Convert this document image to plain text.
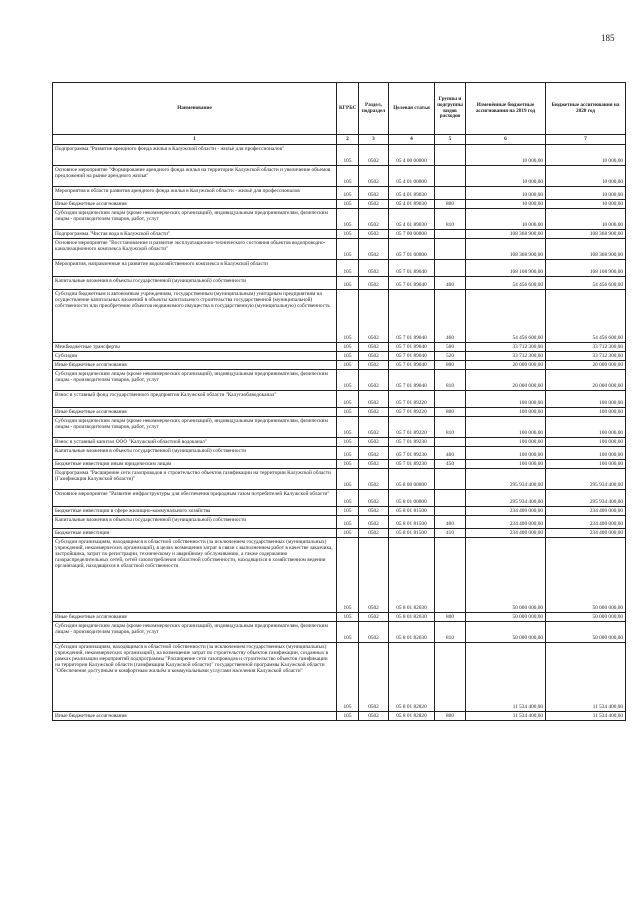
185
Наименование	КГРБС	Раздел, подраздел	Целевая статья	Группы и подгруппы видов расходов	Изменённые бюджетные ассигнования на 2019 год	Бюджетные ассигнования на 2020 год
1	2	3	4	5	6	7
Подпрограмма "Развитие арендного фонда жилья в Калужской области - жильё для профессионалов"	105	0502	05 4 00 00000		10 000,00	10 000,00
Основное мероприятие "Формирование арендного фонда жилья на территории Калужской области и увеличение объемов предложений на рынке арендного жилья"	105	0502	05 4 01 00000		10 000,00	10 000,00
Мероприятия в области развития арендного фонда жилья в Калужской области - жильё для профессионалов	105	0502	05 4 01 89030		10 000,00	10 000,00
Иные бюджетные ассигнования	105	0502	05 4 01 89030	800	10 000,00	10 000,00
Субсидии юридическим лицам (кроме некоммерческих организаций), индивидуальным предпринимателям, физическим лицам - производителям товаров, работ, услуг	105	0502	05 4 01 89030	810	10 000,00	10 000,00
Подпрограмма "Чистая вода в Калужской области"	105	0502	05 7 00 00000		108 368 900,00	108 368 900,00
Основное мероприятие "Восстановление и развитие эксплуатационно-технического состояния объектов водопроводно-канализационного комплекса Калужской области"	105	0502	05 7 01 00000		108 368 900,00	108 368 900,00
Мероприятия, направленные на развитие водохозяйственного комплекса в Калужской области	105	0502	05 7 01 89040		108 168 900,00	108 168 900,00
Капитальные вложения в объекты государственной (муниципальной) собственности	105	0502	05 7 01 89040	400	54 456 600,00	54 456 600,00
Субсидии бюджетным и автономным учреждениям, государственным (муниципальным) унитарным предприятиям на осуществление капитальных вложений в объекты капитального строительства государственной (муниципальной) собственности или приобретение объектов недвижимого имущества в государственную (муниципальную) собственность	105	0502	05 7 01 89040	460	54 456 600,00	54 456 600,00
Межбюджетные трансферты	105	0502	05 7 01 89040	500	33 712 300,00	33 712 300,00
Субсидии	105	0502	05 7 01 89040	520	33 712 300,00	33 712 300,00
Иные бюджетные ассигнования	105	0502	05 7 01 89040	800	20 000 000,00	20 000 000,00
Субсидии юридическим лицам (кроме некоммерческих организаций), индивидуальным предпринимателям, физическим лицам - производителям товаров, работ, услуг	105	0502	05 7 01 89040	810	20 000 000,00	20 000 000,00
Взнос в уставный фонд государственного предприятия Калужской области "Калугаоблводоканал"	105	0502	05 7 01 89220		100 000,00	100 000,00
Иные бюджетные ассигнования	105	0502	05 7 01 89220	800	100 000,00	100 000,00
Субсидии юридическим лицам (кроме некоммерческих организаций), индивидуальным предпринимателям, физическим лицам - производителям товаров, работ, услуг	105	0502	05 7 01 89220	810	100 000,00	100 000,00
Взнос в уставный капитал ООО "Калужский областной водоканал"	105	0502	05 7 01 89230		100 000,00	100 000,00
Капитальные вложения в объекты государственной (муниципальной) собственности	105	0502	05 7 01 89230	400	100 000,00	100 000,00
Бюджетные инвестиции иным юридическим лицам	105	0502	05 7 01 89230	450	100 000,00	100 000,00
Подпрограмма "Расширение сети газопроводов и строительство объектов газификации на территории Калужской области (Газификация Калужской области)"	105	0502	05 8 00 00000		295 934 400,00	295 934 400,00
Основное мероприятие "Развитие инфраструктуры для обеспечения природным газом потребителей Калужской области"	105	0502	05 8 01 00000		295 934 400,00	295 934 400,00
Бюджетные инвестиции в сфере жилищно-коммунального хозяйства	105	0502	05 8 01 81500		234 400 000,00	234 400 000,00
Капитальные вложения в объекты государственной (муниципальной) собственности	105	0502	05 8 01 81500	400	234 400 000,00	234 400 000,00
Бюджетные инвестиции	105	0502	05 8 01 81500	410	234 400 000,00	234 400 000,00
Субсидии организациям, находящимся в областной собственности (за исключением государственных (муниципальных) учреждений, некоммерческих организаций), в целях возмещения затрат в связи с выполнением работ в качестве заказчика, застройщика, затрат по регистрации, техническому и аварийному обслуживанию, а также содержанию газораспределительных сетей, сетей газопотребления областной собственности, находящихся в хозяйственном ведении организаций, находящихся в областной собственности	105	0502	05 8 01 82630		50 000 000,00	50 000 000,00
Иные бюджетные ассигнования	105	0502	05 8 01 82630	800	50 000 000,00	50 000 000,00
Субсидии юридическим лицам (кроме некоммерческих организаций), индивидуальным предпринимателям, физическим лицам - производителям товаров, работ, услуг	105	0502	05 8 01 82630	810	50 000 000,00	50 000 000,00
Субсидии организациям, находящимся в областной собственности (за исключением государственных (муниципальных) учреждений, некоммерческих организаций), на возмещение затрат по строительству объектов газификации, созданных в рамках реализации мероприятий подпрограммы "Расширение сети газопроводов и строительство объектов газификации на территории Калужской области (газификация Калужской области)" государственной программы Калужской области "Обеспечение доступным и комфортным жильём и коммунальными услугами населения Калужской области"	105	0502	05 8 01 82820		11 534 400,00	11 534 400,00
Иные бюджетные ассигнования	105	0502	05 8 01 82820	800	11 534 400,00	11 534 400,00
